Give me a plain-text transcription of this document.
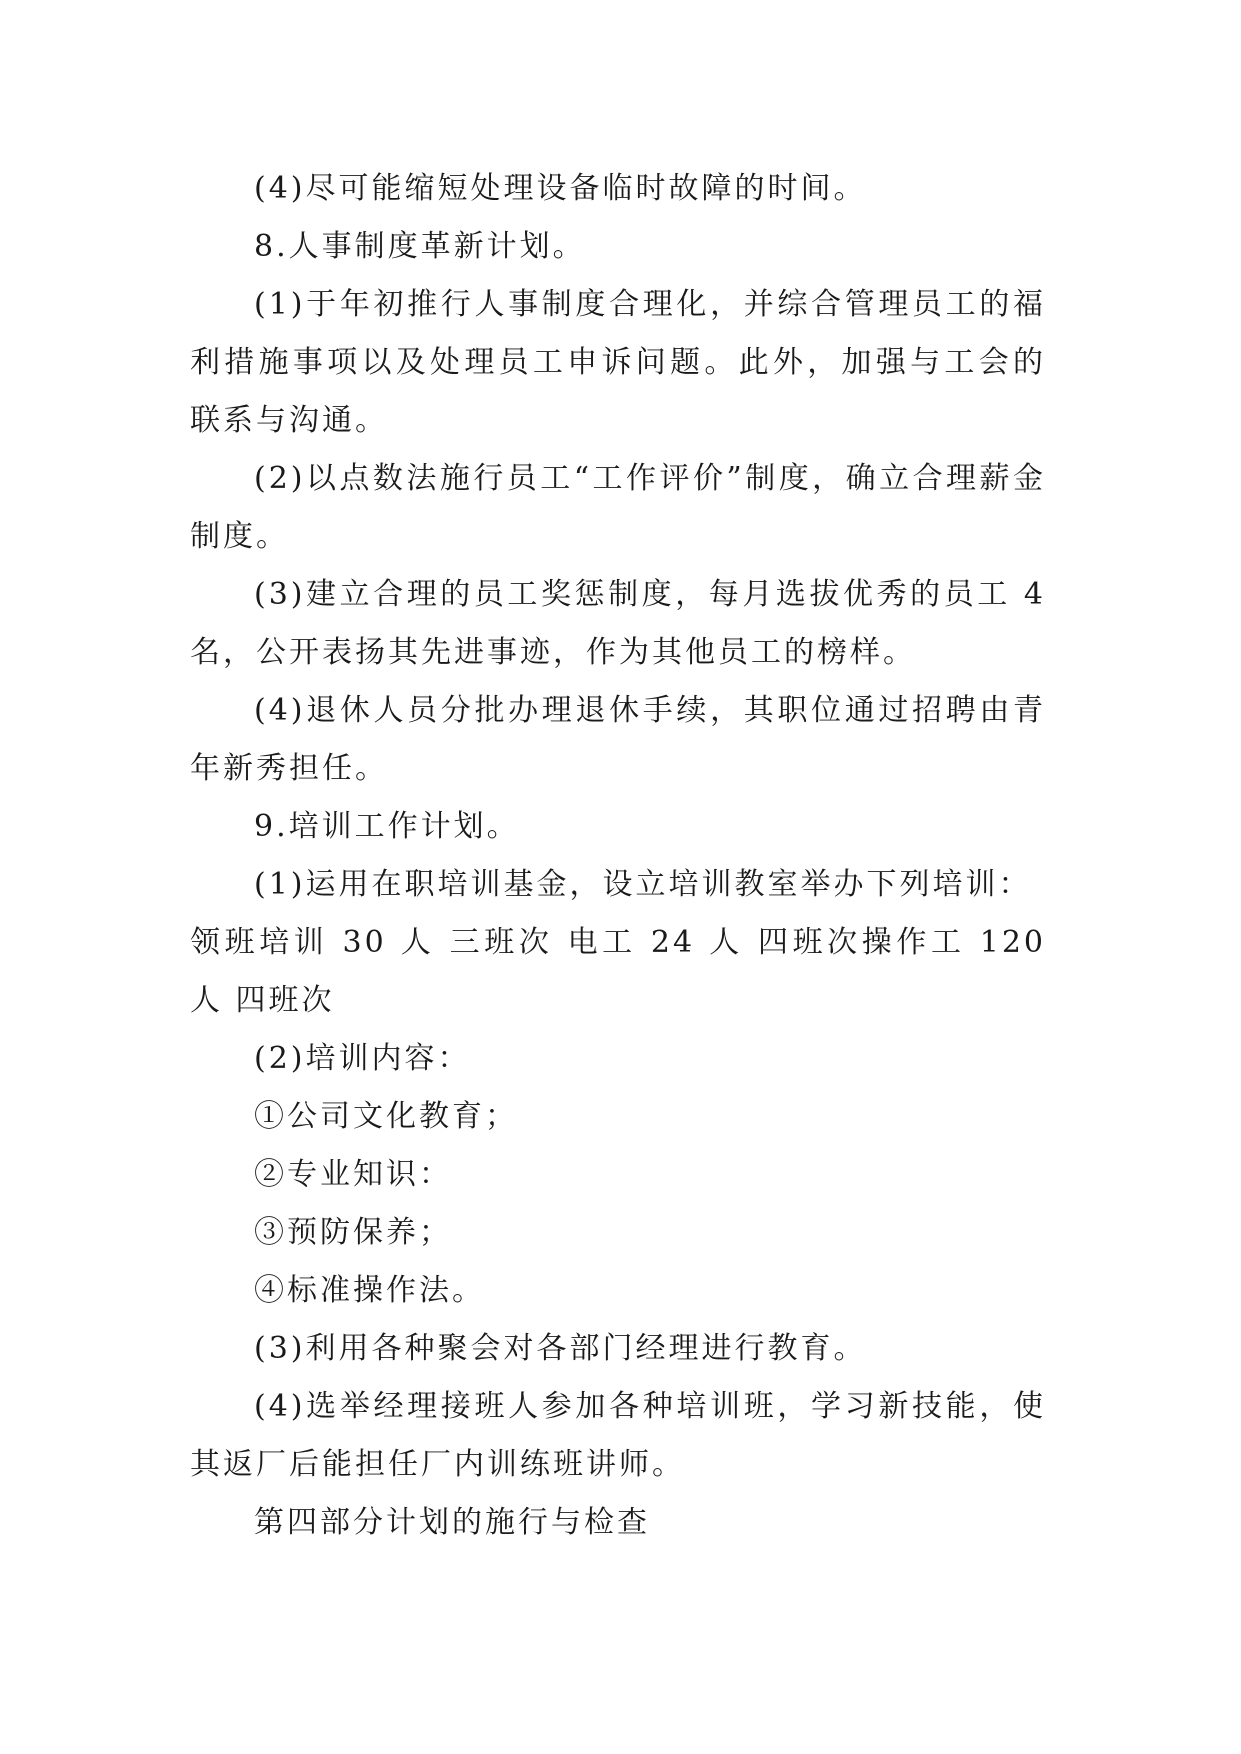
(4)尽可能缩短处理设备临时故障的时间。

8.人事制度革新计划。

(1)于年初推行人事制度合理化，并综合管理员工的福利措施事项以及处理员工申诉问题。此外，加强与工会的联系与沟通。

(2)以点数法施行员工“工作评价”制度，确立合理薪金制度。

(3)建立合理的员工奖惩制度，每月选拔优秀的员工 4 名，公开表扬其先进事迹，作为其他员工的榜样。

(4)退休人员分批办理退休手续，其职位通过招聘由青年新秀担任。

9.培训工作计划。

(1)运用在职培训基金，设立培训教室举办下列培训：

领班培训 30 人 三班次 电工 24 人 四班次操作工 120 人 四班次

(2)培训内容：

①公司文化教育；

②专业知识：

③预防保养；

④标准操作法。

(3)利用各种聚会对各部门经理进行教育。

(4)选举经理接班人参加各种培训班，学习新技能，使其返厂后能担任厂内训练班讲师。

第四部分计划的施行与检查
